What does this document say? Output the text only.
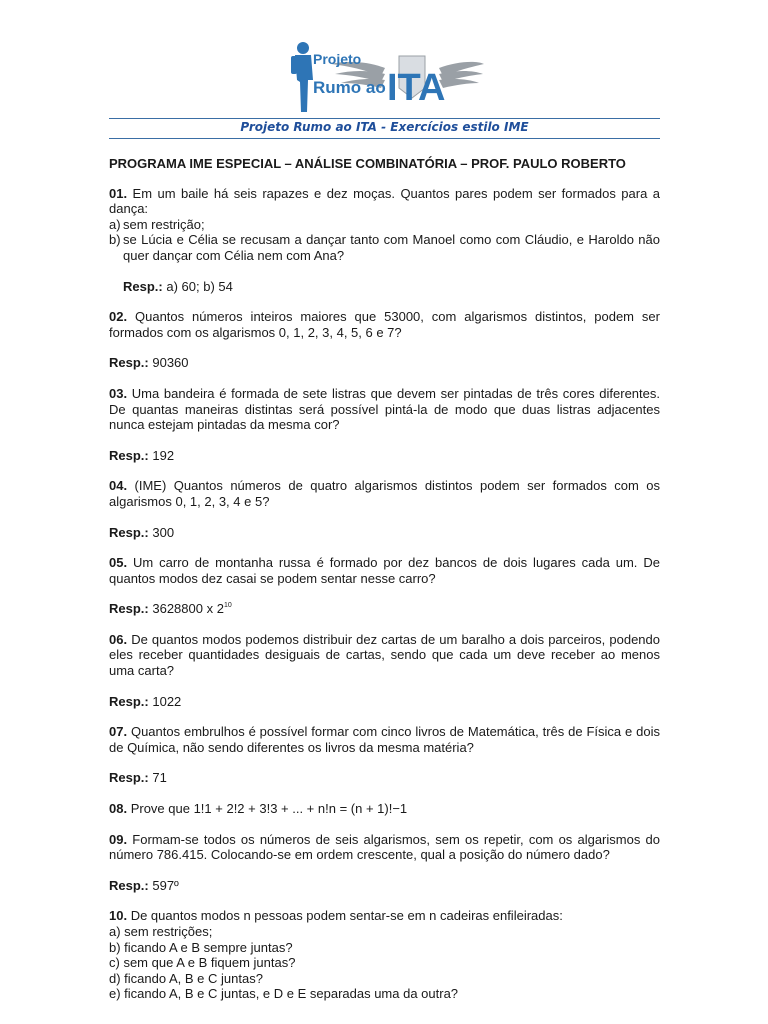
Projeto
Rumo ao ITA
Projeto Rumo ao ITA - Exercícios estilo IME
PROGRAMA IME ESPECIAL – ANÁLISE COMBINATÓRIA – PROF. PAULO ROBERTO

01. Em um baile há seis rapazes e dez moças. Quantos pares podem ser formados para a dança:

a) sem restrição;
b) se Lúcia e Célia se recusam a dançar tanto com Manoel como com Cláudio, e Haroldo não quer dançar com Célia nem com Ana?
Resp.: a) 60; b) 54

02. Quantos números inteiros maiores que 53000, com algarismos distintos, podem ser formados com os algarismos 0, 1, 2, 3, 4, 5, 6 e 7?

Resp.: 90360

03. Uma bandeira é formada de sete listras que devem ser pintadas de três cores diferentes. De quantas maneiras distintas será possível pintá-la de modo que duas listras adjacentes nunca estejam pintadas da mesma cor?

Resp.: 192

04. (IME) Quantos números de quatro algarismos distintos podem ser formados com os algarismos 0, 1, 2, 3, 4 e 5?

Resp.: 300

05. Um carro de montanha russa é formado por dez bancos de dois lugares cada um. De quantos modos dez casai se podem sentar nesse carro?

Resp.: 3628800 x $2^{10}$

06. De quantos modos podemos distribuir dez cartas de um baralho a dois parceiros, podendo eles receber quantidades desiguais de cartas, sendo que cada um deve receber ao menos uma carta?

Resp.: 1022

07. Quantos embrulhos é possível formar com cinco livros de Matemática, três de Física e dois de Química, não sendo diferentes os livros da mesma matéria?

Resp.: 71

08. Prove que 1!1 + 2!2 + 3!3 + ... + n!n = (n + 1)!−1

09. Formam-se todos os números de seis algarismos, sem os repetir, com os algarismos do número 786.415. Colocando-se em ordem crescente, qual a posição do número dado?

Resp.: 597º

10. De quantos modos n pessoas podem sentar-se em n cadeiras enfileiradas:

a) sem restrições;
b) ficando A e B sempre juntas?
c) sem que A e B fiquem juntas?
d) ficando A, B e C juntas?
e) ficando A, B e C juntas, e D e E separadas uma da outra?
